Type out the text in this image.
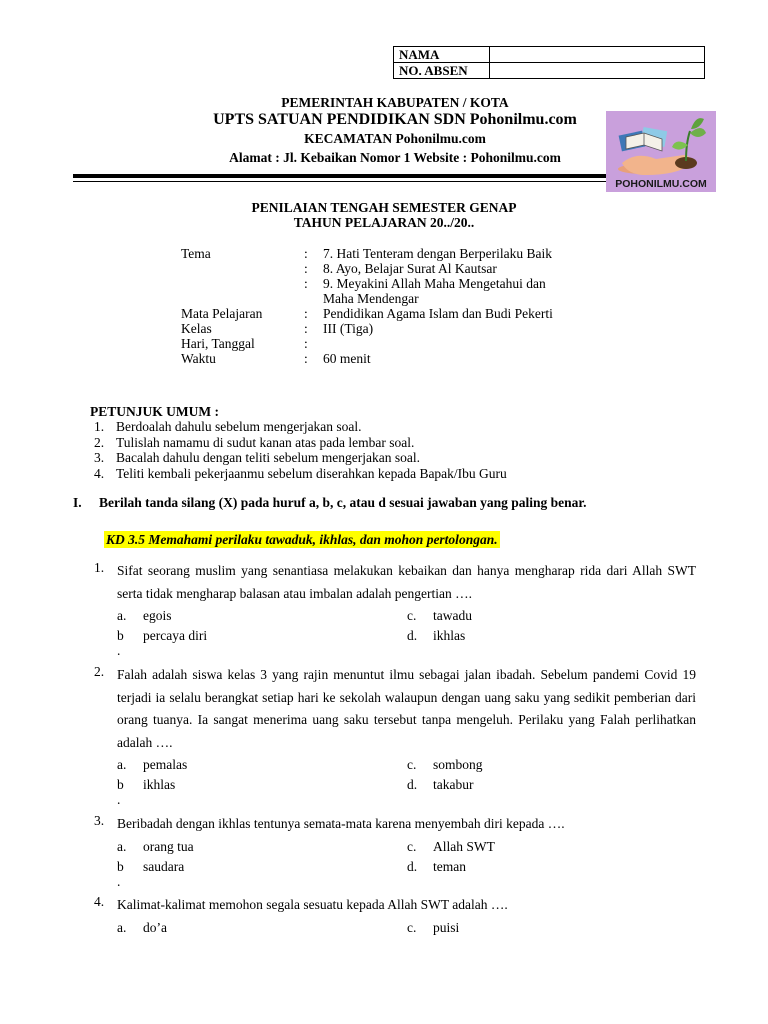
NAMA	
NO. ABSEN	
PEMERINTAH KABUPATEN / KOTA
UPTS SATUAN PENDIDIKAN SDN Pohonilmu.com
KECAMATAN Pohonilmu.com
Alamat : Jl. Kebaikan Nomor 1 Website : Pohonilmu.com
POHONILMU.COM
PENILAIAN TENGAH SEMESTER GENAP
TAHUN PELAJARAN 20../20..
Tema	:	7. Hati Tenteram dengan Berperilaku Baik
:	8. Ayo, Belajar Surat Al Kautsar
:	9. Meyakini Allah Maha Mengetahui dan
Maha Mendengar
Mata Pelajaran	:	Pendidikan Agama Islam dan Budi Pekerti
Kelas	:	III (Tiga)
Hari, Tanggal	:
Waktu	:	60 menit
PETUNJUK UMUM :
1. Berdoalah dahulu sebelum mengerjakan soal.
2. Tulislah namamu di sudut kanan atas pada lembar soal.
3. Bacalah dahulu dengan teliti sebelum mengerjakan soal.
4. Teliti kembali pekerjaanmu sebelum diserahkan kepada Bapak/Ibu Guru
I.	Berilah tanda silang (X) pada huruf a, b, c, atau d sesuai jawaban yang paling benar.
KD 3.5 Memahami perilaku tawaduk, ikhlas, dan mohon pertolongan.
1. Sifat seorang muslim yang senantiasa melakukan kebaikan dan hanya mengharap rida dari Allah SWT serta tidak mengharap balasan atau imbalan adalah pengertian ….
a.	egois	c.	tawadu
b	percaya diri	d.	ikhlas
.
2. Falah adalah siswa kelas 3 yang rajin menuntut ilmu sebagai jalan ibadah. Sebelum pandemi Covid 19 terjadi ia selalu berangkat setiap hari ke sekolah walaupun dengan uang saku yang sedikit pemberian dari orang tuanya. Ia sangat menerima uang saku tersebut tanpa mengeluh. Perilaku yang Falah perlihatkan adalah ….
a.	pemalas	c.	sombong
b	ikhlas	d.	takabur
.
3. Beribadah dengan ikhlas tentunya semata-mata karena menyembah diri kepada ….
a.	orang tua	c.	Allah SWT
b	saudara	d.	teman
.
4. Kalimat-kalimat memohon segala sesuatu kepada Allah SWT adalah ….
a.	do’a	c.	puisi
